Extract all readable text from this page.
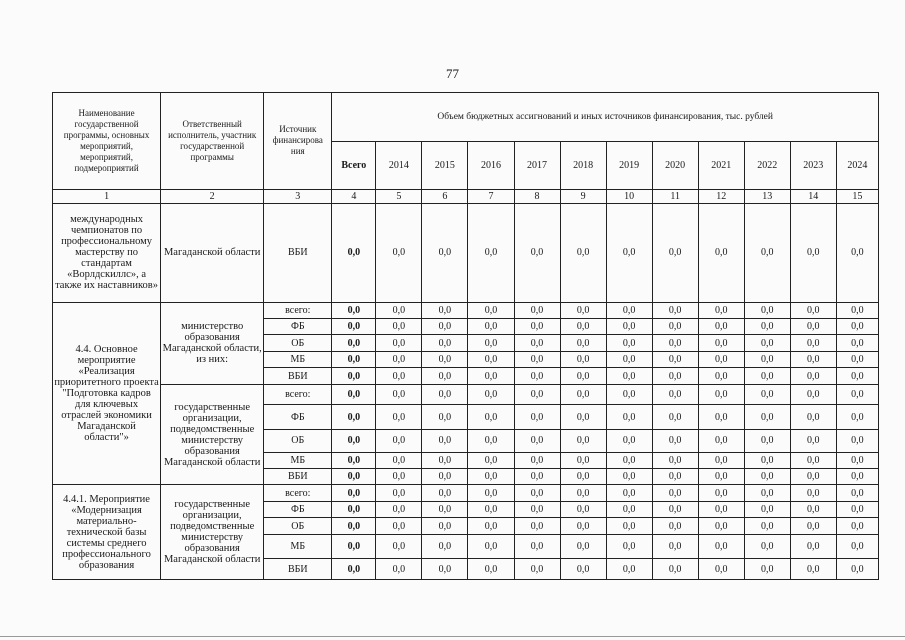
77
Наименование государственной программы, основных мероприятий, мероприятий, подмероприятий	Ответственный исполнитель, участник государственной программы	Источник финансирова ния	Объем бюджетных ассигнований и иных источников финансирования, тыс. рублей											
			Всего	2014	2015	2016	2017	2018	2019	2020	2021	2022	2023	2024
1	2	3	4	5	6	7	8	9	10	11	12	13	14	15
международных чемпионатов по профессиональному мастерству по стандартам «Ворлдскиллс», а также их наставников»	Магаданской области	ВБИ	0,0	0,0	0,0	0,0	0,0	0,0	0,0	0,0	0,0	0,0	0,0	0,0
4.4. Основное мероприятие «Реализация приоритетного проекта "Подготовка кадров для ключевых отраслей экономики Магаданской области"»	министерство образования Магаданской области, из них:	всего:	0,0	0,0	0,0	0,0	0,0	0,0	0,0	0,0	0,0	0,0	0,0	0,0
		ФБ	0,0	0,0	0,0	0,0	0,0	0,0	0,0	0,0	0,0	0,0	0,0	0,0
		ОБ	0,0	0,0	0,0	0,0	0,0	0,0	0,0	0,0	0,0	0,0	0,0	0,0
		МБ	0,0	0,0	0,0	0,0	0,0	0,0	0,0	0,0	0,0	0,0	0,0	0,0
		ВБИ	0,0	0,0	0,0	0,0	0,0	0,0	0,0	0,0	0,0	0,0	0,0	0,0
	государственные организации, подведомственные министерству образования Магаданской области	всего:	0,0	0,0	0,0	0,0	0,0	0,0	0,0	0,0	0,0	0,0	0,0	0,0
		ФБ	0,0	0,0	0,0	0,0	0,0	0,0	0,0	0,0	0,0	0,0	0,0	0,0
		ОБ	0,0	0,0	0,0	0,0	0,0	0,0	0,0	0,0	0,0	0,0	0,0	0,0
		МБ	0,0	0,0	0,0	0,0	0,0	0,0	0,0	0,0	0,0	0,0	0,0	0,0
		ВБИ	0,0	0,0	0,0	0,0	0,0	0,0	0,0	0,0	0,0	0,0	0,0	0,0
4.4.1. Мероприятие «Модернизация материально-технической базы системы среднего профессионального образования	государственные организации, подведомственные министерству образования Магаданской области	всего:	0,0	0,0	0,0	0,0	0,0	0,0	0,0	0,0	0,0	0,0	0,0	0,0
		ФБ	0,0	0,0	0,0	0,0	0,0	0,0	0,0	0,0	0,0	0,0	0,0	0,0
		ОБ	0,0	0,0	0,0	0,0	0,0	0,0	0,0	0,0	0,0	0,0	0,0	0,0
		МБ	0,0	0,0	0,0	0,0	0,0	0,0	0,0	0,0	0,0	0,0	0,0	0,0
		ВБИ	0,0	0,0	0,0	0,0	0,0	0,0	0,0	0,0	0,0	0,0	0,0	0,0
